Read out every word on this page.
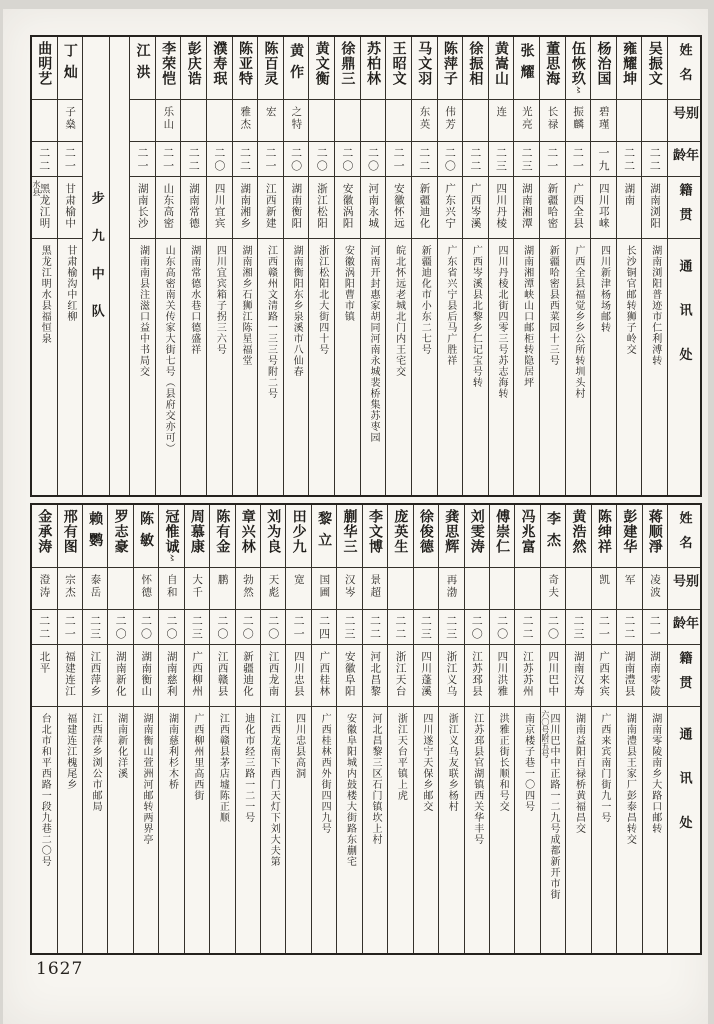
姓名
别号
年龄
籍贯
通讯处
吴振文
二二
湖南浏阳
湖南浏阳普迹市仁利溥转
雍耀坤
二二
湖南
长沙铜官邮转狮子岭交
杨治国
碧瑾
一九
四川邛崃
四川新津杨场邮转
伍恢玖〻
振麟
二一
广西全县
广西全县福觉乡乡公所转圳头村
董思海
长禄
二一
新疆哈密
新疆哈密县西菜园十三号
张耀
光亮
二三
湖南湘潭
湖南湘潭峡山口邮柜转隐居坪
黄嵩山
连
二三
四川丹棱
四川丹棱北街四零三号苏志海转
徐振相
二二
广西岑溪
广西岑溪县北黎乡仁记宝号转
陈萍子
伟芳
二〇
广东兴宁
广东省兴宁县后马广胜祥
马文羽
东英
二二
新疆迪化
新疆迪化市小东二七号
王昭文
二一
安徽怀远
皖北怀远老城北门内王宅交
苏柏林
二〇
河南永城
河南开封惠家胡同河南永城裴桥集苏枣园
徐鼎三
二〇
安徽涡阳
安徽涡阳曹市镇
黄文衡
二〇
浙江松阳
浙江松阳北大街四十号
黄作
之特
二〇
湖南衡阳
湖南衡阳东乡泉溪市八仙春
陈百灵
宏
二一
江西新建
江西赣州文清路一三三号附二号
陈亚特
雅杰
二二
湖南湘乡
湖南湘乡石狮江陈星福堂
濮寿珉
二〇
四川宜宾
四川宜宾箱子拐三六号
彭庆诰
二二
湖南常德
湖南常德水巷口德盛祥
李荣恺
乐山
二一
山东高密
山东高密南关传家大街七号（县府交亦可）
江洪
二一
湖南长沙
湖南南县注滋口益中书局交
步九中队
丁灿
子燊
二一
甘肃榆中
甘肃榆沟中红柳
曲明艺
二二
黑龙江明
水县
黑龙江明水县福恒泉
姓名
别号
年龄
籍贯
通讯处
蒋顺淨
凌波
二一
湖南零陵
湖南零陵南乡大路口邮转
彭建华
军
二二
湖南澧县
湖南澧县王家厂彭泰昌转交
陈绅祥
凯
二一
广西来宾
广西来宾南门街九一号
黄浩然
二三
湖南汉寿
湖南益阳百禄桥黄福昌交
李杰
奇夫
二〇
四川巴中
四川巴中中正路一二九号成都新开市街
六〇号附五号
冯兆富
二二
江苏苏州
南京楼子巷一〇四号
傅崇仁
二〇
四川洪雅
洪雅正街长顺和号交
刘雯涛
二〇
江苏邳县
江苏邳县官湖镇西关华丰号
龚思辉
再渤
二三
浙江义乌
浙江义乌友联乡杨村
徐俊德
二三
四川蓬溪
四川遂宁天保乡邮交
庞英生
二二
浙江天台
浙江天台平镇上虎
李文博
景超
二二
河北昌黎
河北昌黎三区石门镇坎上村
蒯华三
汉岑
二三
安徽阜阳
安徽阜阳城内鼓楼大街路东蒯宅
黎立
国圃
二四
广西桂林
广西桂林西外街四四九号
田少九
宽
二一
四川忠县
四川忠县高洞
刘为良
天彪
二〇
江西龙南
江西龙南下西门天灯下刘大夫第
章兴林
勃然
二〇
新疆迪化
迪化市经三路一二一号
陈有金
鹏
二〇
江西赣县
江西赣县茅店墟陈正顺
周慕康
大千
二三
广西柳州
广西柳州里高西街
冠惟诚〻
自和
二〇
湖南慈利
湖南慈利杉木桥
陈敏
怀德
二〇
湖南衡山
湖南衡山萱洲河邮转两界亭
罗志豪
二〇
湖南新化
湖南新化洋溪
赖鹦
泰岳
二三
江西萍乡
江西萍乡浏公市邮局
邢有图
宗杰
二一
福建连江
福建连江槐尾乡
金承涛
澄涛
二二
北平
台北市和平西路一段九巷二〇号
1627
